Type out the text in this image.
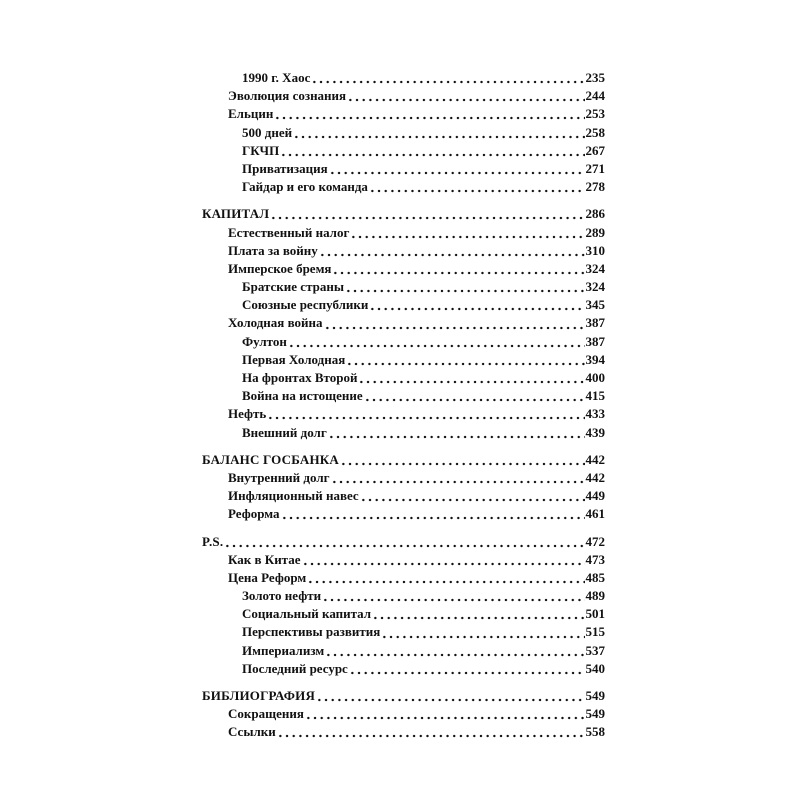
1990 г. Хаос	235
Эволюция сознания	244
Ельцин	253
500 дней	258
ГКЧП	267
Приватизация	271
Гайдар и его команда	278
КАПИТАЛ	286
Естественный налог	289
Плата за войну	310
Имперское бремя	324
Братские страны	324
Союзные республики	345
Холодная война	387
Фултон	387
Первая Холодная	394
На фронтах Второй	400
Война на истощение	415
Нефть	433
Внешний долг	439
БАЛАНС ГОСБАНКА	442
Внутренний долг	442
Инфляционный навес	449
Реформа	461
P.S.	472
Как в Китае	473
Цена Реформ	485
Золото нефти	489
Социальный капитал	501
Перспективы развития	515
Империализм	537
Последний ресурс	540
БИБЛИОГРАФИЯ	549
Сокращения	549
Ссылки	558
